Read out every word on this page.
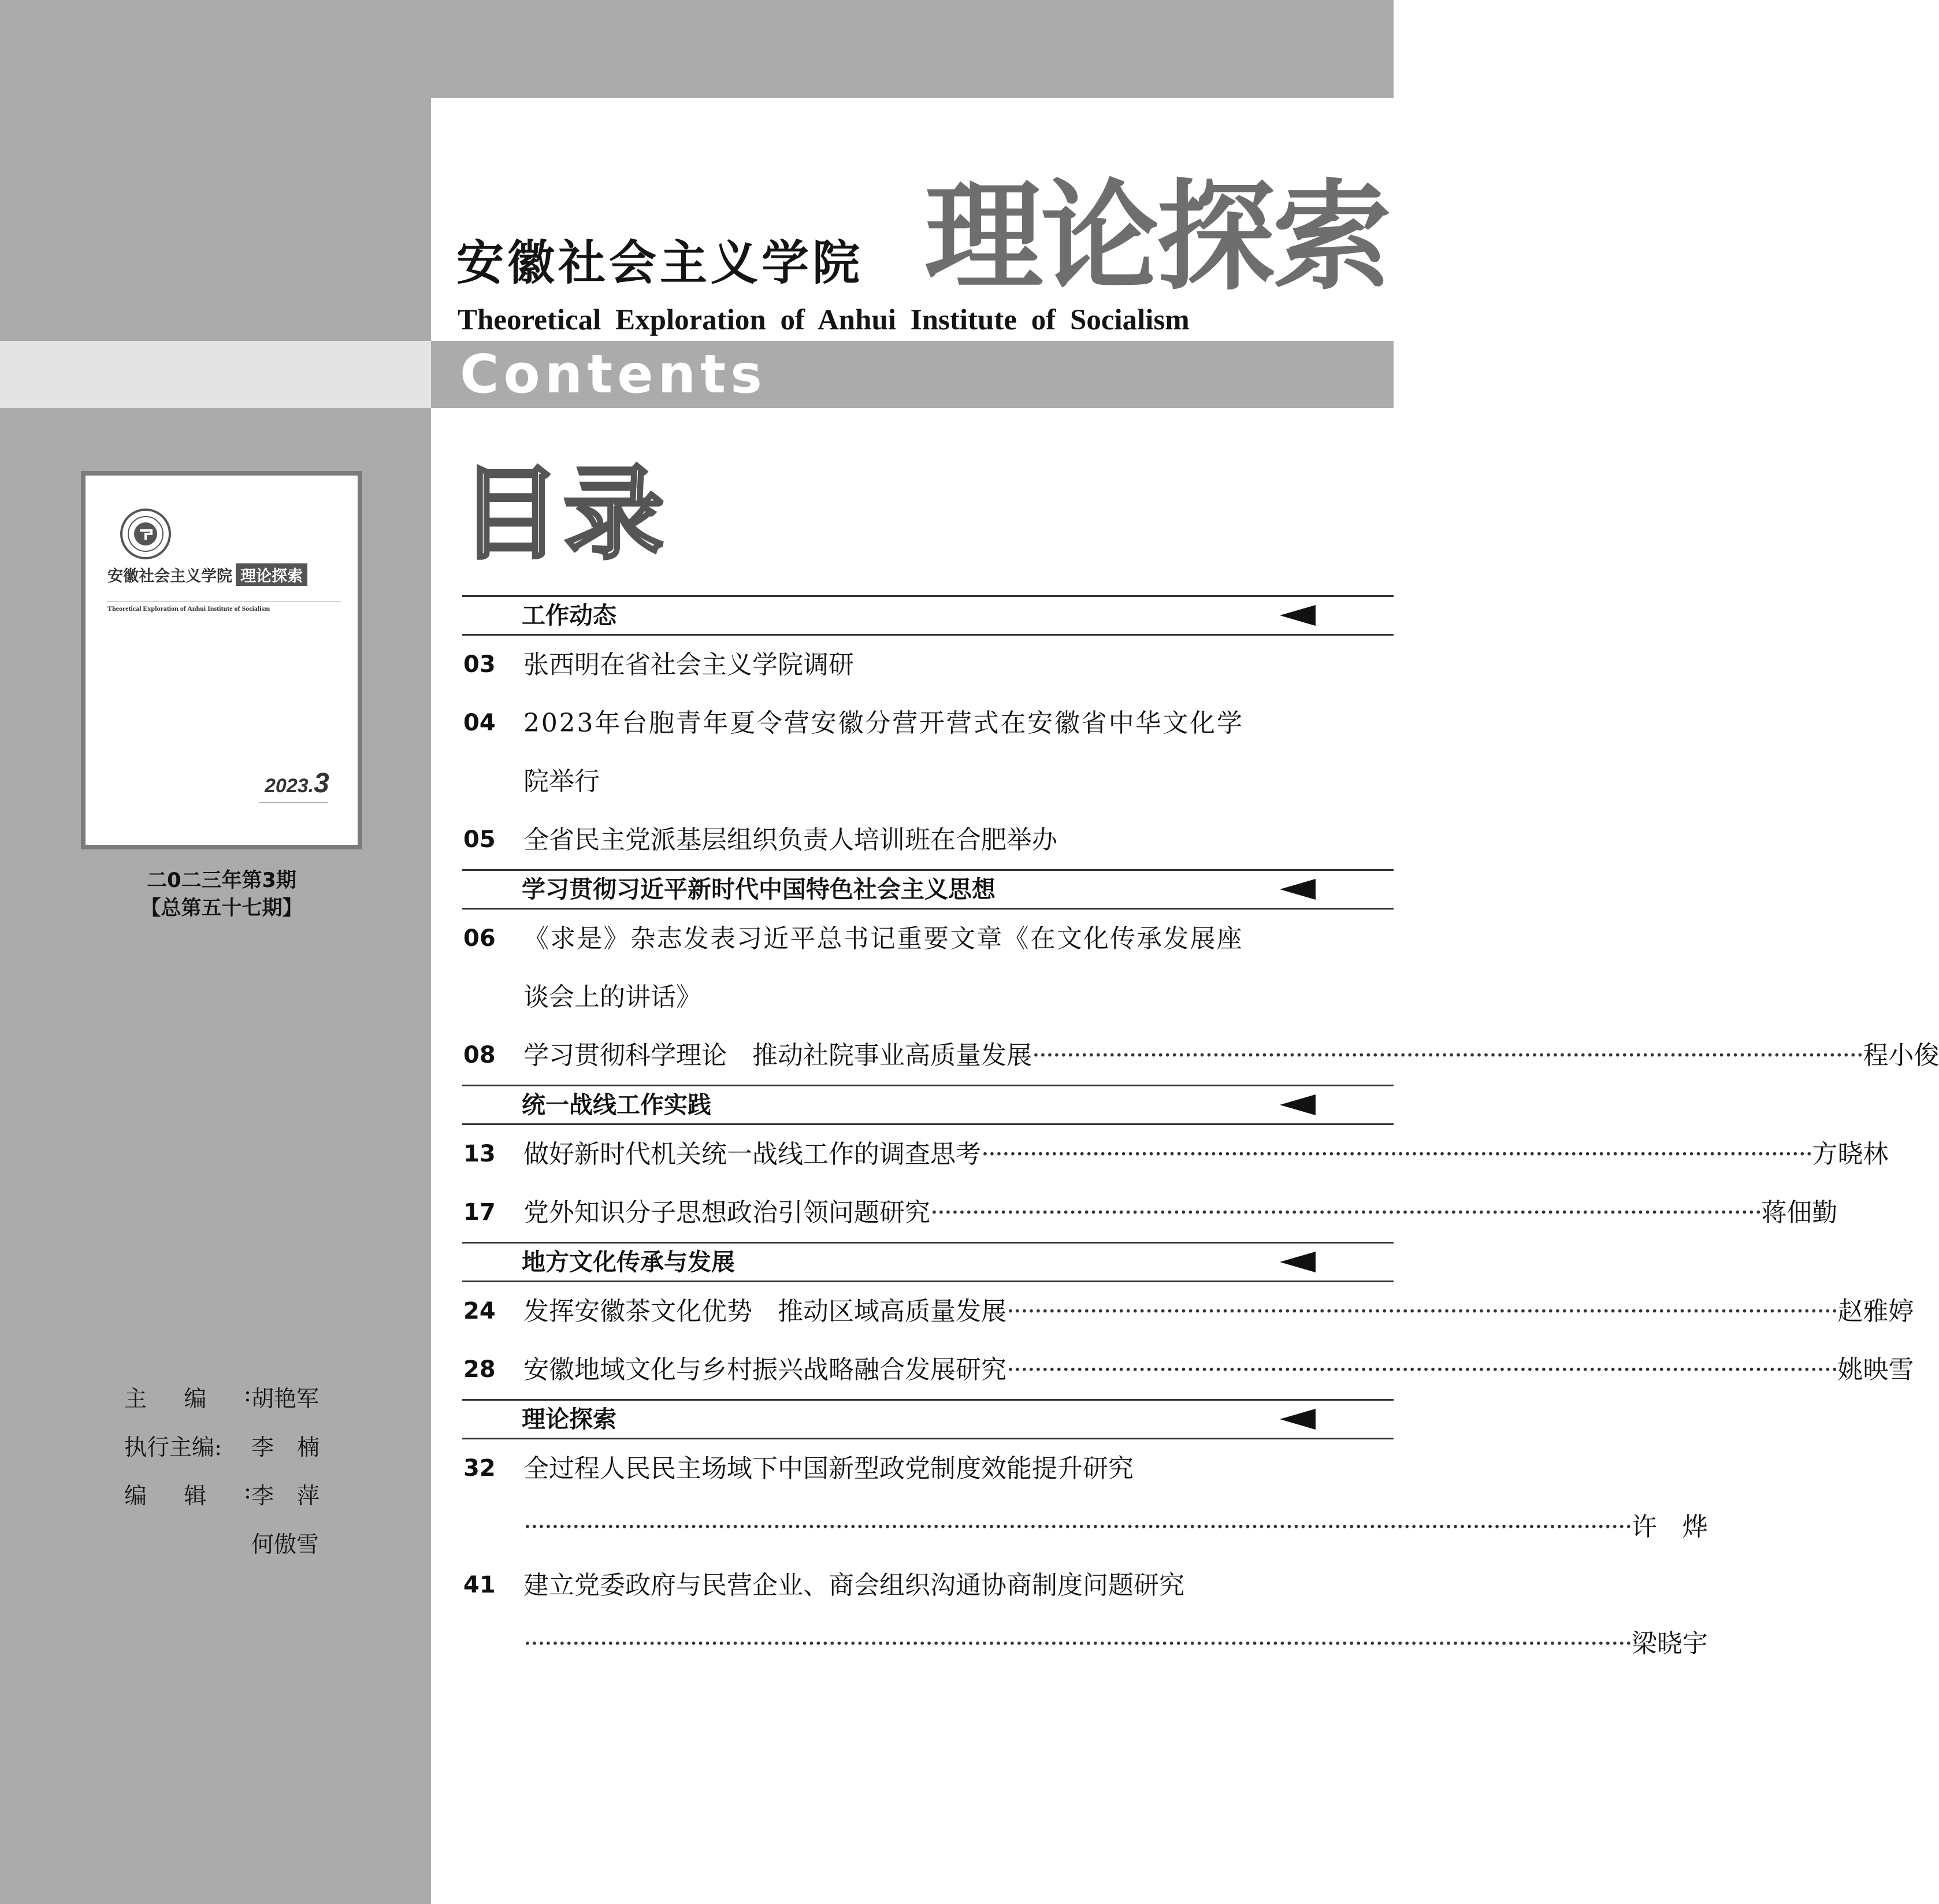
Contents
安徽社会主义学院 理论探索
Theoretical Exploration of Anhui Institute of Socialism
目录
安徽社会主义学院 理论探索
Theoretical Exploration of Anhui Institute of Socialism
2023.3
二0二三年第3期
【总第五十七期】
主 编 : 胡艳军
执行主编:	李 楠
编 辑 : 李 萍
何傲雪
工作动态
03 张西明在省社会主义学院调研
04 2 0 2 3 年 台 胞 青 年 夏 令 营 安 徽 分 营 开 营 式 在 安 徽 省 中 华 文 化 学
院举行
05 全省民主党派基层组织负责人培训班在合肥举办
学习贯彻习近平新时代中国特色社会主义思想
06 《 求 是 》 杂 志 发 表 习 近 平 总 书 记 重 要 文 章 《 在 文 化 传 承 发 展 座
谈会上的讲话》
08 学习贯彻科学理论　推动社院事业高质量发展 ························································································································ 程小俊
统一战线工作实践
13 做好新时代机关统一战线工作的调查思考 ························································································································ 方晓林
17 党外知识分子思想政治引领问题研究 ························································································································ 蒋佃勤
地方文化传承与发展
24 发挥安徽茶文化优势　推动区域高质量发展 ························································································································ 赵雅婷
28 安徽地域文化与乡村振兴战略融合发展研究 ························································································································ 姚映雪
理论探索
32 全过程人民民主场域下中国新型政党制度效能提升研究
································································································································································ 许　烨
41 建立党委政府与民营企业、商会组织沟通协商制度问题研究
································································································································································ 梁晓宇
